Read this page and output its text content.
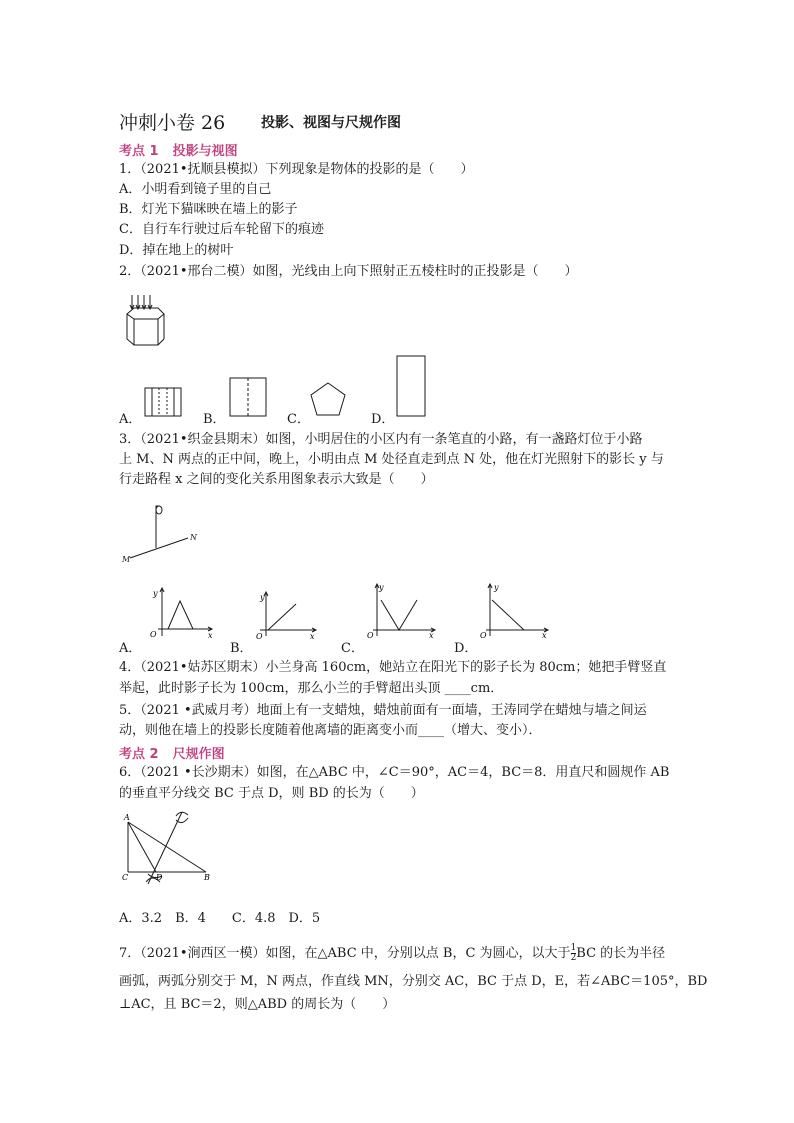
冲刺小卷 26	投影、视图与尺规作图
考点 1 投影与视图
1．（2021•抚顺县模拟）下列现象是物体的投影的是（　　）
A．小明看到镜子里的自己
B．灯光下猫咪映在墙上的影子
C．自行车行驶过后车轮留下的痕迹
D．掉在地上的树叶
2．（2021•邢台二模）如图，光线由上向下照射正五棱柱时的正投影是（　　）
A．	B．	C．	D．
3．（2021•织金县期末）如图，小明居住的小区内有一条笔直的小路，有一盏路灯位于小路
上 M、N 两点的正中间，晚上，小明由点 M 处径直走到点 N 处，他在灯光照射下的影长 y 与
行走路程 x 之间的变化关系用图象表示大致是（　　）
M
N
A．
y
O	x
B．
y
O	x
C．
y
O	x
D．
y
O	x
4．（2021•姑苏区期末）小兰身高 160cm，她站立在阳光下的影子长为 80cm；她把手臂竖直
举起，此时影子长为 100cm，那么小兰的手臂超出头顶 ____cm．
5．（2021 •武威月考）地面上有一支蜡烛，蜡烛前面有一面墙，王涛同学在蜡烛与墙之间运
动，则他在墙上的投影长度随着他离墙的距离变小而____（增大、变小）．
考点 2 尺规作图
6．（2021 •长沙期末）如图，在△ABC 中，∠C＝90°，AC＝4，BC＝8．用直尺和圆规作 AB
的垂直平分线交 BC 于点 D，则 BD 的长为（　　）
A
C	D	B
A．3.2　B．4　　C．4.8　D．5
7．（2021•涧西区一模）如图，在△ABC 中，分别以点 B，C 为圆心，以大于 $\frac{1}{2}$ BC 的长为半径
画弧，两弧分别交于 M，N 两点，作直线 MN，分别交 AC，BC 于点 D，E，若∠ABC＝105°，BD
⊥AC，且 BC＝2，则△ABD 的周长为（　　）
